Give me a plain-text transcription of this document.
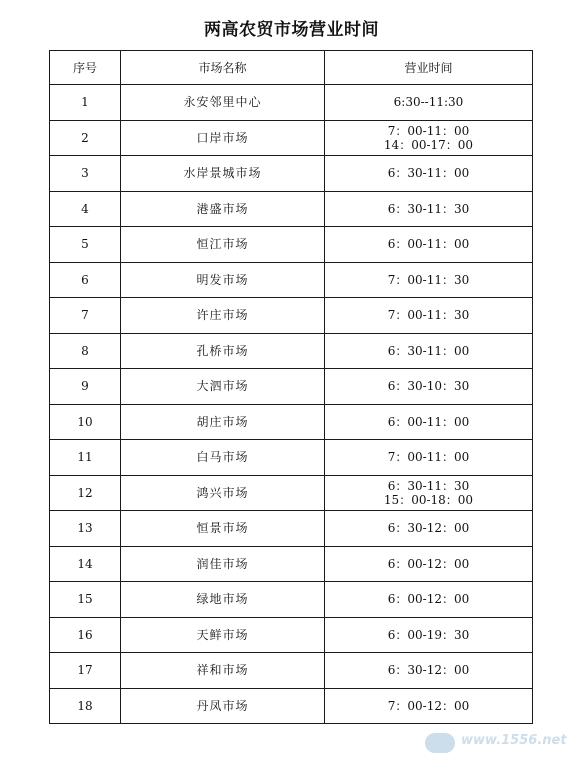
两高农贸市场营业时间
序号	市场名称	营业时间
1	永安邻里中心	6:30--11:30

2	口岸市场	7：00-11：00
14：00-17：00

3	水岸景城市场	6：30-11：00

4	港盛市场	6：30-11：30

5	恒江市场	6：00-11：00

6	明发市场	7：00-11：30

7	许庄市场	7：00-11：30

8	孔桥市场	6：30-11：00

9	大泗市场	6：30-10：30

10	胡庄市场	6：00-11：00

11	白马市场	7：00-11：00

12	鸿兴市场	6：30-11：30
15：00-18：00

13	恒景市场	6：30-12：00

14	润佳市场	6：00-12：00

15	绿地市场	6：00-12：00

16	天鲜市场	6：00-19：30

17	祥和市场	6：30-12：00

18	丹凤市场	7：00-12：00
www.1556.net
